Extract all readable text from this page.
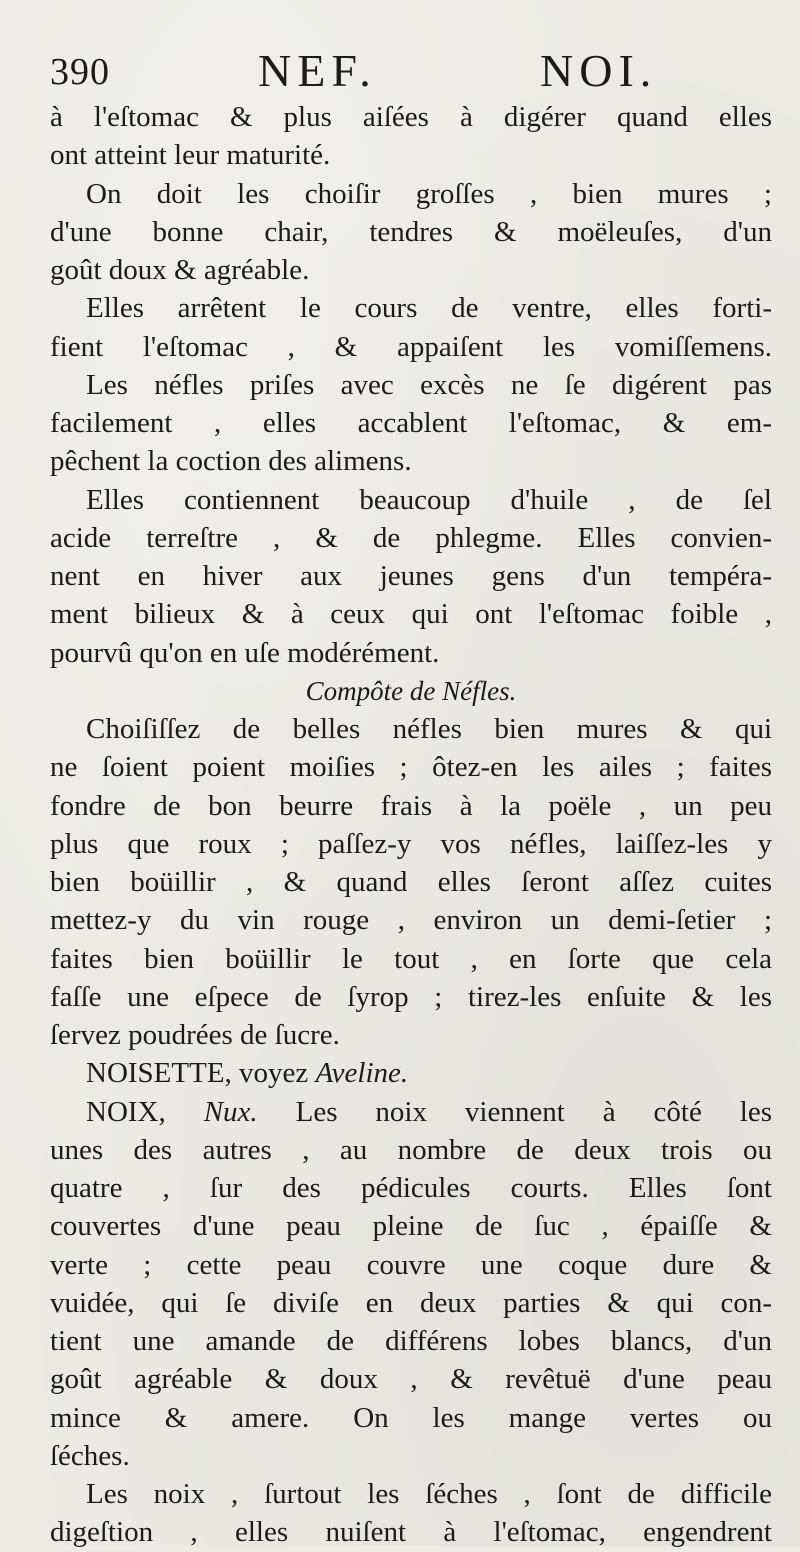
390	NEF.	NOI.
à l'eſtomac & plus aiſées à digérer quand elles
ont atteint leur maturité.
On doit les choiſir groſſes , bien mures ;
d'une bonne chair, tendres & moëleuſes, d'un
goût doux & agréable.
Elles arrêtent le cours de ventre, elles forti-
fient l'eſtomac , & appaiſent les vomiſſemens.
Les néfles priſes avec excès ne ſe digérent pas
facilement , elles accablent l'eſtomac, & em-
pêchent la coction des alimens.
Elles contiennent beaucoup d'huile , de ſel
acide terreſtre , & de phlegme. Elles convien-
nent en hiver aux jeunes gens d'un tempéra-
ment bilieux & à ceux qui ont l'eſtomac foible ,
pourvû qu'on en uſe modérément.
Compôte de Néfles.
Choiſiſſez de belles néfles bien mures & qui
ne ſoient poient moiſies ; ôtez-en les ailes ; faites
fondre de bon beurre frais à la poële , un peu
plus que roux ; paſſez-y vos néfles, laiſſez-les y
bien boüillir , & quand elles ſeront aſſez cuites
mettez-y du vin rouge , environ un demi-ſetier ;
faites bien boüillir le tout , en ſorte que cela
faſſe une eſpece de ſyrop ; tirez-les enſuite & les
ſervez poudrées de ſucre.
NOISETTE, voyez Aveline.
NOIX, Nux. Les noix viennent à côté les
unes des autres , au nombre de deux trois ou
quatre , ſur des pédicules courts. Elles ſont
couvertes d'une peau pleine de ſuc , épaiſſe &
verte ; cette peau couvre une coque dure &
vuidée, qui ſe diviſe en deux parties & qui con-
tient une amande de différens lobes blancs, d'un
goût agréable & doux , & revêtuë d'une peau
mince & amere. On les mange vertes ou
ſéches.
Les noix , ſurtout les ſéches , ſont de difficile
digeſtion , elles nuiſent à l'eſtomac, engendrent
